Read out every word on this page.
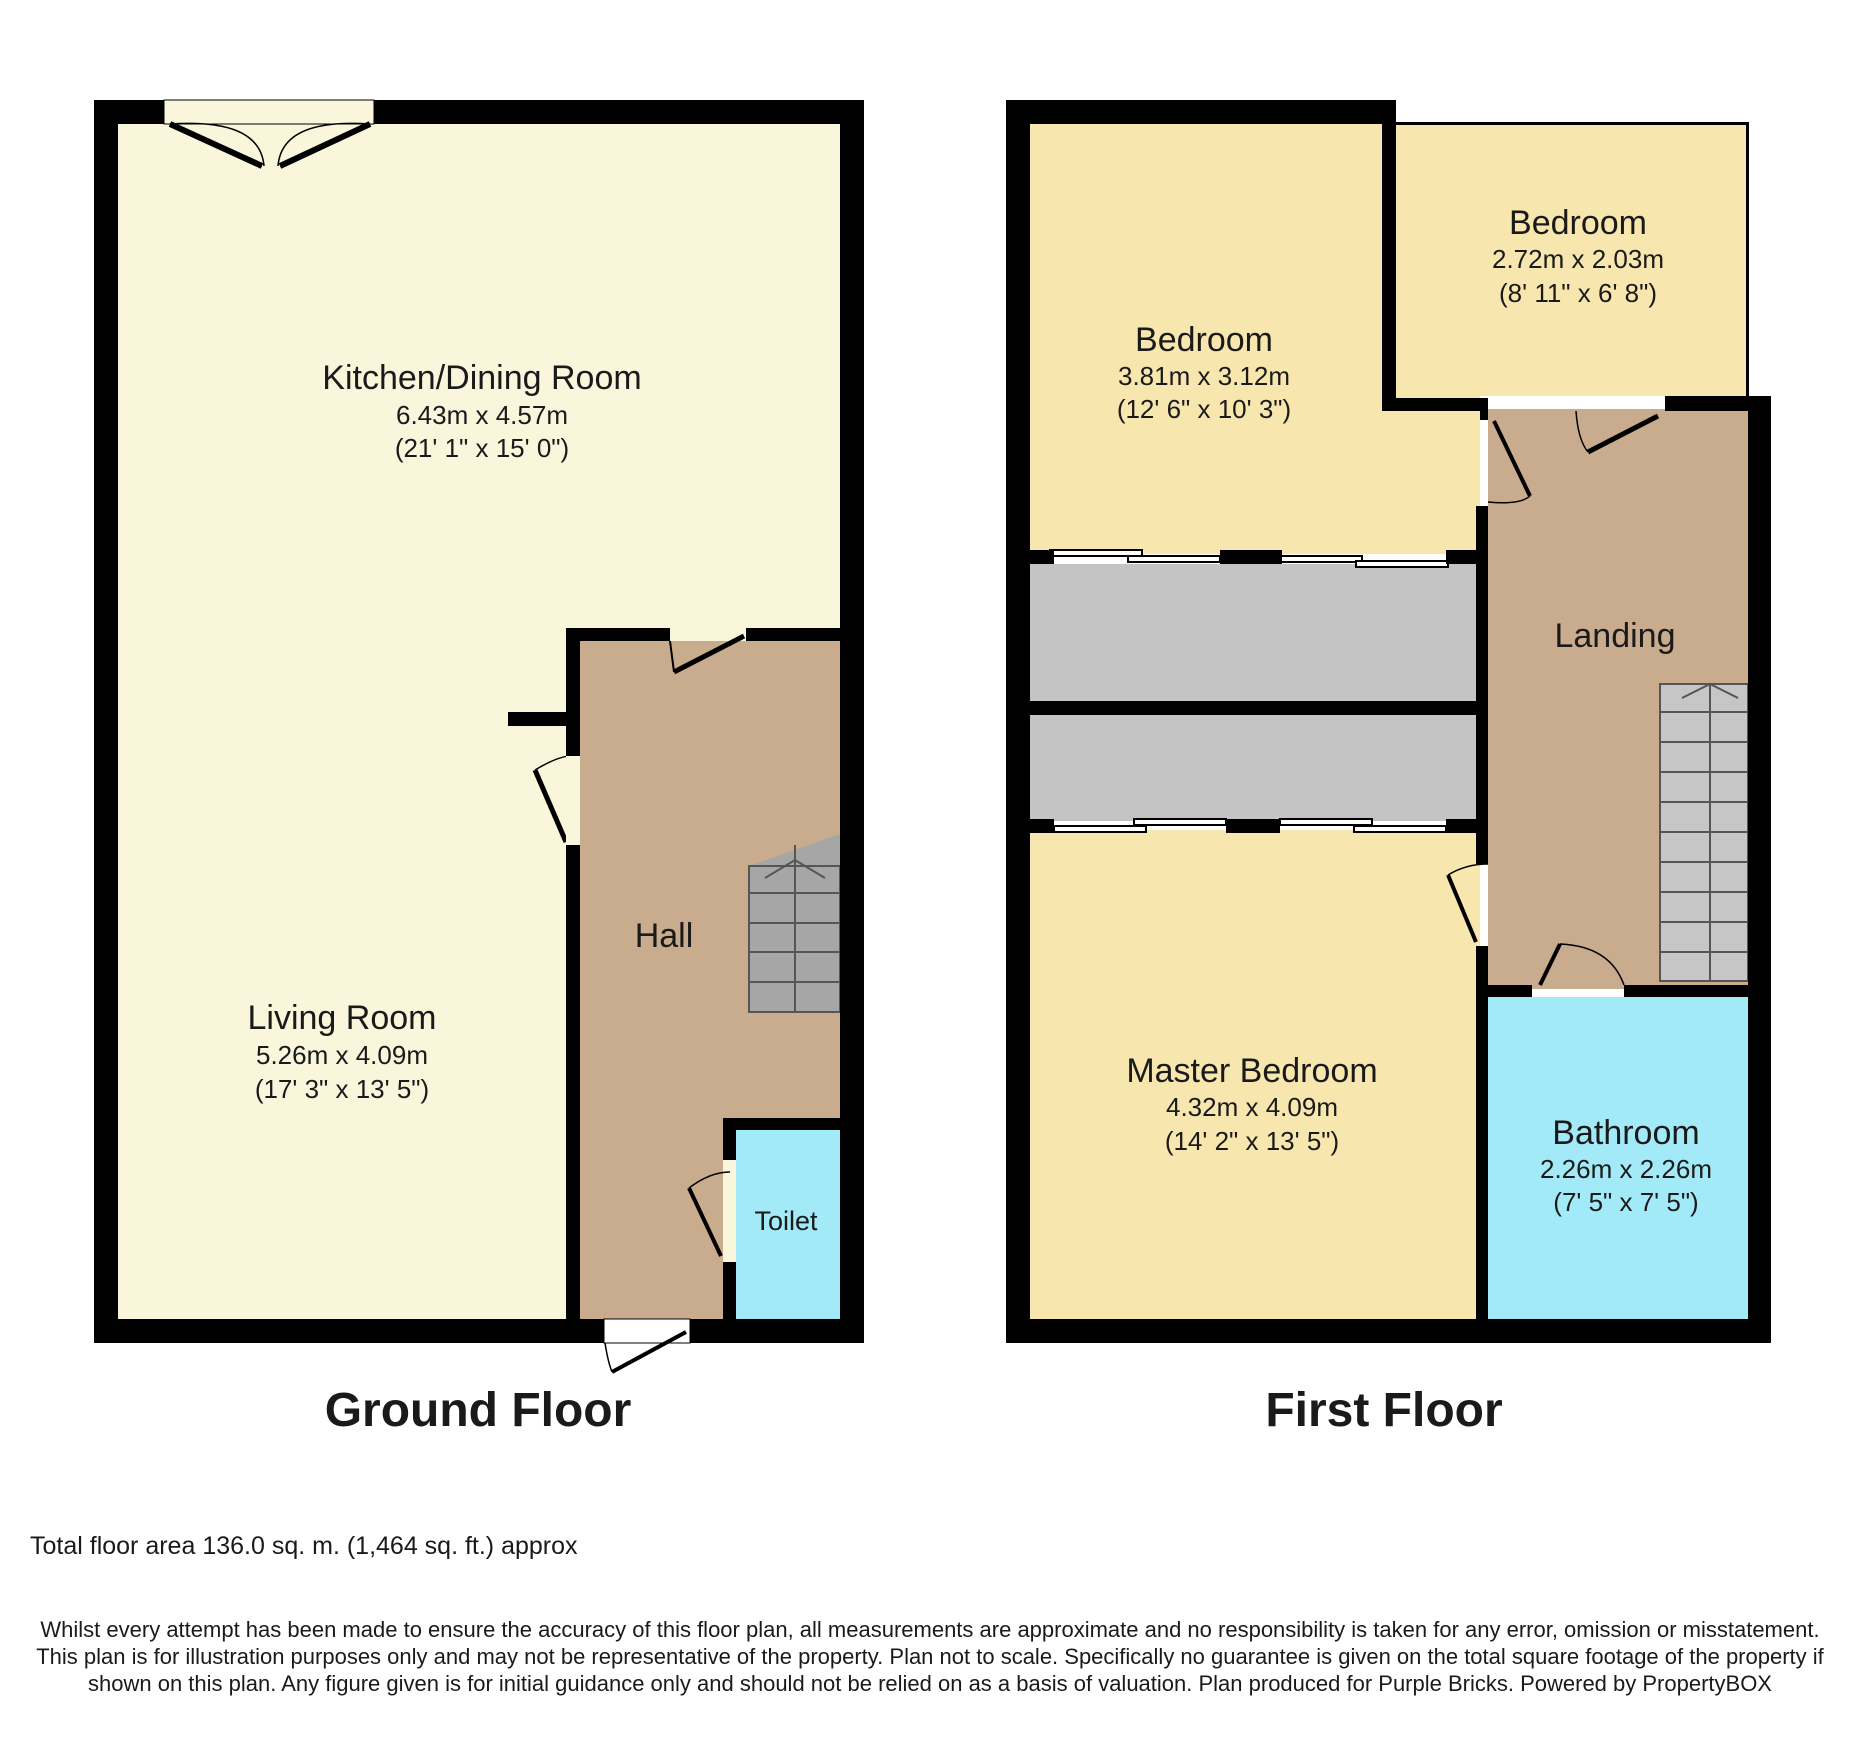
Kitchen/Dining Room
6.43m x 4.57m
(21' 1" x 15' 0")
Living Room
5.26m x 4.09m
(17' 3" x 13' 5")
Hall
Toilet
Ground Floor
Bedroom
2.72m x 2.03m
(8' 11" x 6' 8")
Bedroom
3.81m x 3.12m
(12' 6" x 10' 3")
Landing
Master Bedroom
4.32m x 4.09m
(14' 2" x 13' 5")	Bathroom
2.26m x 2.26m
(7' 5" x 7' 5")
First Floor
Total floor area 136.0 sq. m. (1,464 sq. ft.) approx
Whilst every attempt has been made to ensure the accuracy of this floor plan, all measurements are approximate and no responsibility is taken for any error, omission or misstatement. This plan is for illustration purposes only and may not be representative of the property. Plan not to scale. Specifically no guarantee is given on the total square footage of the property if shown on this plan. Any figure given is for initial guidance only and should not be relied on as a basis of valuation. Plan produced for Purple Bricks. Powered by PropertyBOX
